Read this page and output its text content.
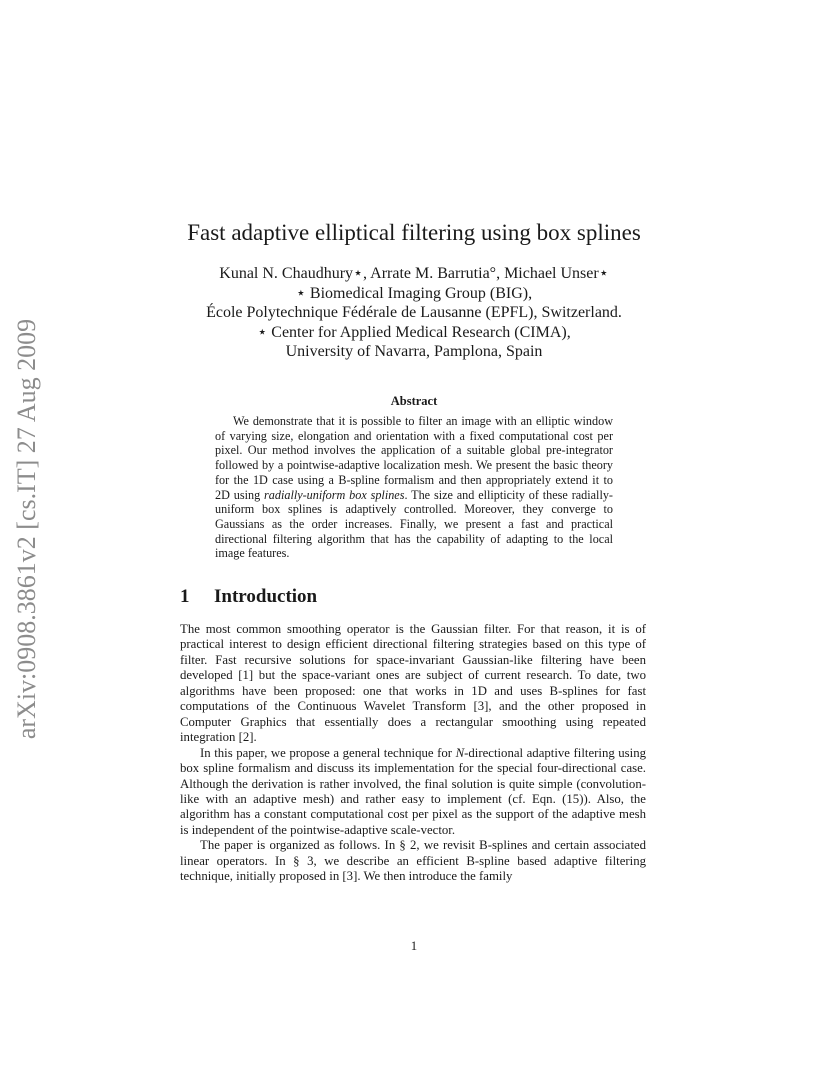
arXiv:0908.3861v2 [cs.IT] 27 Aug 2009
Fast adaptive elliptical filtering using box splines
Kunal N. Chaudhury⋆, Arrate M. Barrutia°, Michael Unser⋆
⋆ Biomedical Imaging Group (BIG),
École Polytechnique Fédérale de Lausanne (EPFL), Switzerland.
⋆ Center for Applied Medical Research (CIMA),
University of Navarra, Pamplona, Spain
Abstract

We demonstrate that it is possible to filter an image with an elliptic window of varying size, elongation and orientation with a fixed computational cost per pixel. Our method involves the application of a suitable global pre-integrator followed by a pointwise-adaptive localization mesh. We present the basic theory for the 1D case using a B-spline formalism and then appropriately extend it to 2D using radially-uniform box splines. The size and ellipticity of these radially-uniform box splines is adaptively controlled. Moreover, they converge to Gaussians as the order increases. Finally, we present a fast and practical directional filtering algorithm that has the capability of adapting to the local image features.

1 Introduction

The most common smoothing operator is the Gaussian filter. For that reason, it is of practical interest to design efficient directional filtering strategies based on this type of filter. Fast recursive solutions for space-invariant Gaussian-like filtering have been developed [1] but the space-variant ones are subject of current research. To date, two algorithms have been proposed: one that works in 1D and uses B-splines for fast computations of the Continuous Wavelet Transform [3], and the other proposed in Computer Graphics that essentially does a rectangular smoothing using repeated integration [2].

In this paper, we propose a general technique for N-directional adaptive filtering using box spline formalism and discuss its implementation for the special four-directional case. Although the derivation is rather involved, the final solution is quite simple (convolution-like with an adaptive mesh) and rather easy to implement (cf. Eqn. (15)). Also, the algorithm has a constant computational cost per pixel as the support of the adaptive mesh is independent of the pointwise-adaptive scale-vector.

The paper is organized as follows. In § 2, we revisit B-splines and certain associated linear operators. In § 3, we describe an efficient B-spline based adaptive filtering technique, initially proposed in [3]. We then introduce the family

1
